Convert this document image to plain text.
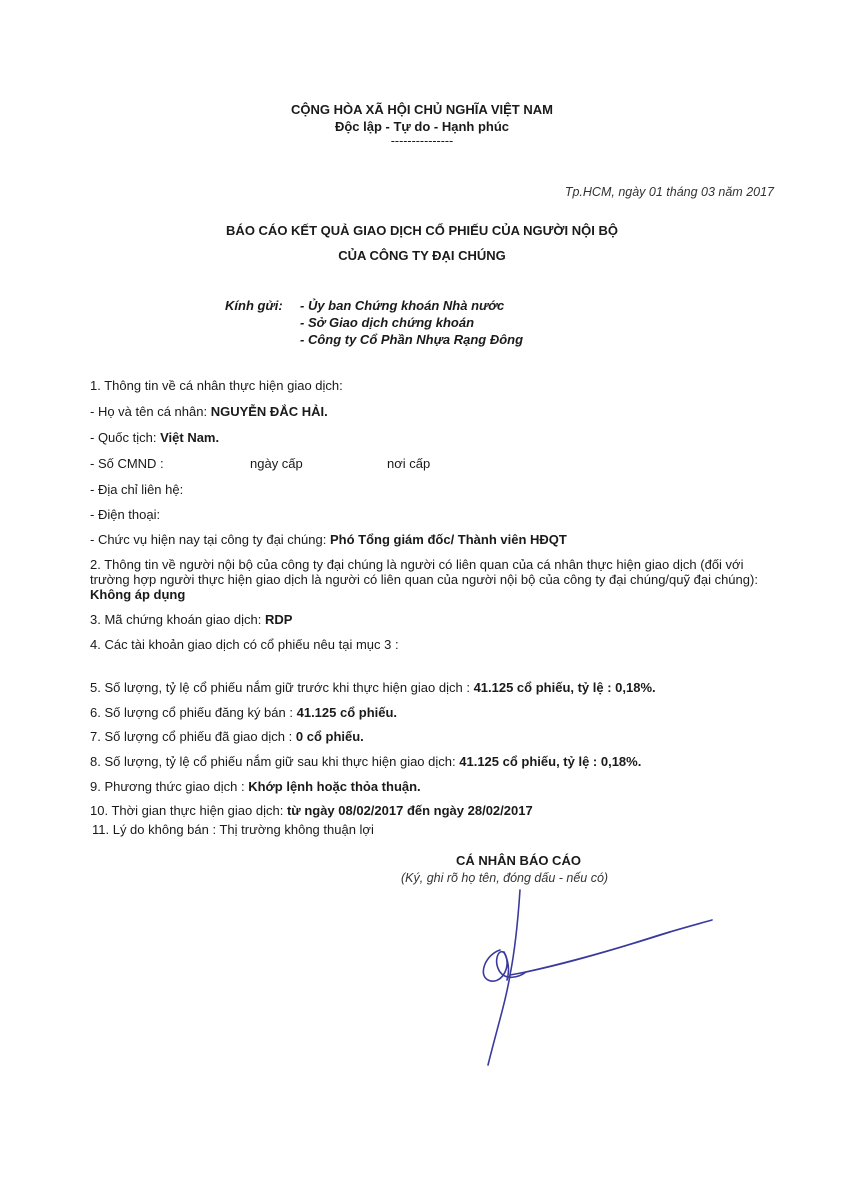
CỘNG HÒA XÃ HỘI CHỦ NGHĨA VIỆT NAM
Độc lập - Tự do - Hạnh phúc
---------------
Tp.HCM, ngày 01 tháng 03 năm 2017
BÁO CÁO KẾT QUẢ GIAO DỊCH CỔ PHIẾU CỦA NGƯỜI NỘI BỘ
CỦA CÔNG TY ĐẠI CHÚNG
Kính gửi: - Ủy ban Chứng khoán Nhà nước
- Sở Giao dịch chứng khoán
- Công ty Cổ Phần Nhựa Rạng Đông
1. Thông tin về cá nhân thực hiện giao dịch:
- Họ và tên cá nhân: NGUYỄN ĐẮC HẢI.
- Quốc tịch: Việt Nam.
- Số CMND :	ngày cấp	nơi cấp
- Địa chỉ liên hệ:
- Điện thoại:
- Chức vụ hiện nay tại công ty đại chúng: Phó Tổng giám đốc/ Thành viên HĐQT
2. Thông tin về người nội bộ của công ty đại chúng là người có liên quan của cá nhân thực hiện giao dịch (đối với trường hợp người thực hiện giao dịch là người có liên quan của người nội bộ của công ty đại chúng/quỹ đại chúng): Không áp dụng
3. Mã chứng khoán giao dịch: RDP
4. Các tài khoản giao dịch có cổ phiếu nêu tại mục 3 :
5. Số lượng, tỷ lệ cổ phiếu nắm giữ trước khi thực hiện giao dịch : 41.125 cổ phiếu, tỷ lệ : 0,18%.
6. Số lượng cổ phiếu đăng ký bán : 41.125 cổ phiếu.
7. Số lượng cổ phiếu đã giao dịch : 0 cổ phiếu.
8. Số lượng, tỷ lệ cổ phiếu nắm giữ sau khi thực hiện giao dịch: 41.125 cổ phiếu, tỷ lệ : 0,18%.
9. Phương thức giao dịch : Khớp lệnh hoặc thỏa thuận.
10. Thời gian thực hiện giao dịch: từ ngày 08/02/2017 đến ngày 28/02/2017
11. Lý do không bán : Thị trường không thuận lợi
CÁ NHÂN BÁO CÁO
(Ký, ghi rõ họ tên, đóng dấu - nếu có)
